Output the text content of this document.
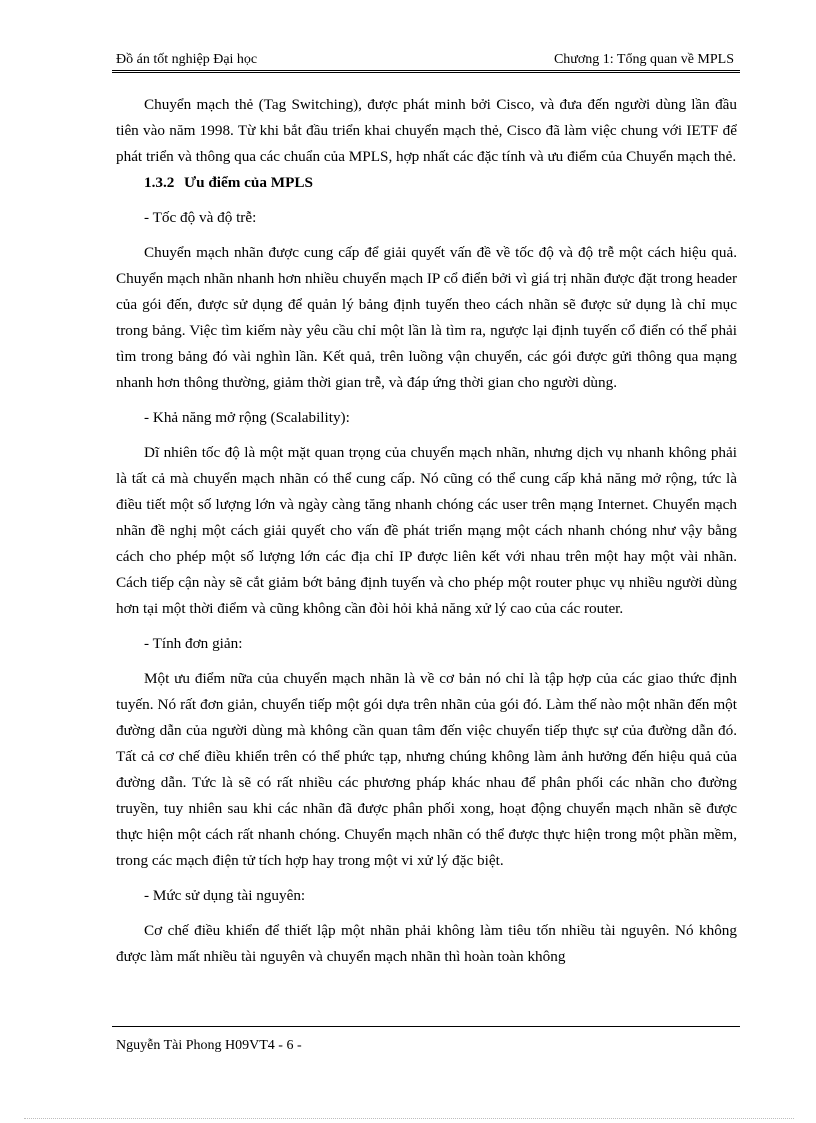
Đồ án tốt nghiệp Đại học	Chương 1: Tổng quan về MPLS

Chuyển mạch thẻ (Tag Switching), được phát minh bởi Cisco, và đưa đến người dùng lần đầu tiên vào năm 1998. Từ khi bắt đầu triển khai chuyển mạch thẻ, Cisco đã làm việc chung với IETF để phát triển và thông qua các chuẩn của MPLS, hợp nhất các đặc tính và ưu điểm của Chuyển mạch thẻ.

1.3.2 Ưu điểm của MPLS

- Tốc độ và độ trễ:

Chuyển mạch nhãn được cung cấp để giải quyết vấn đề về tốc độ và độ trễ một cách hiệu quả. Chuyển mạch nhãn nhanh hơn nhiều chuyển mạch IP cổ điển bởi vì giá trị nhãn được đặt trong header của gói đến, được sử dụng để quản lý bảng định tuyến theo cách nhãn sẽ được sử dụng là chỉ mục trong bảng. Việc tìm kiếm này yêu cầu chỉ một lần là tìm ra, ngược lại định tuyến cổ điển có thể phải tìm trong bảng đó vài nghìn lần. Kết quả, trên luồng vận chuyển, các gói được gửi thông qua mạng nhanh hơn thông thường, giảm thời gian trễ, và đáp ứng thời gian cho người dùng.

- Khả năng mở rộng (Scalability):

Dĩ nhiên tốc độ là một mặt quan trọng của chuyển mạch nhãn, nhưng dịch vụ nhanh không phải là tất cả mà chuyển mạch nhãn có thể cung cấp. Nó cũng có thể cung cấp khả năng mở rộng, tức là điều tiết một số lượng lớn và ngày càng tăng nhanh chóng các user trên mạng Internet. Chuyển mạch nhãn đề nghị một cách giải quyết cho vấn đề phát triển mạng một cách nhanh chóng như vậy bằng cách cho phép một số lượng lớn các địa chỉ IP được liên kết với nhau trên một hay một vài nhãn. Cách tiếp cận này sẽ cắt giảm bớt bảng định tuyến và cho phép một router phục vụ nhiều người dùng hơn tại một thời điểm và cũng không cần đòi hỏi khả năng xử lý cao của các router.

- Tính đơn giản:

Một ưu điểm nữa của chuyển mạch nhãn là về cơ bản nó chỉ là tập hợp của các giao thức định tuyến. Nó rất đơn giản, chuyển tiếp một gói dựa trên nhãn của gói đó. Làm thế nào một nhãn đến một đường dẫn của người dùng mà không cần quan tâm đến việc chuyển tiếp thực sự của đường dẫn đó. Tất cả cơ chế điều khiển trên có thể phức tạp, nhưng chúng không làm ảnh hưởng đến hiệu quả của đường dẫn. Tức là sẽ có rất nhiều các phương pháp khác nhau để phân phối các nhãn cho đường truyền, tuy nhiên sau khi các nhãn đã được phân phối xong, hoạt động chuyển mạch nhãn sẽ được thực hiện một cách rất nhanh chóng. Chuyển mạch nhãn có thể được thực hiện trong một phần mềm, trong các mạch điện tử tích hợp hay trong một vi xử lý đặc biệt.

- Mức sử dụng tài nguyên:

Cơ chế điều khiển để thiết lập một nhãn phải không làm tiêu tốn nhiều tài nguyên. Nó không được làm mất nhiều tài nguyên và chuyển mạch nhãn thì hoàn toàn không

Nguyễn Tài Phong H09VT4 - 6 -
